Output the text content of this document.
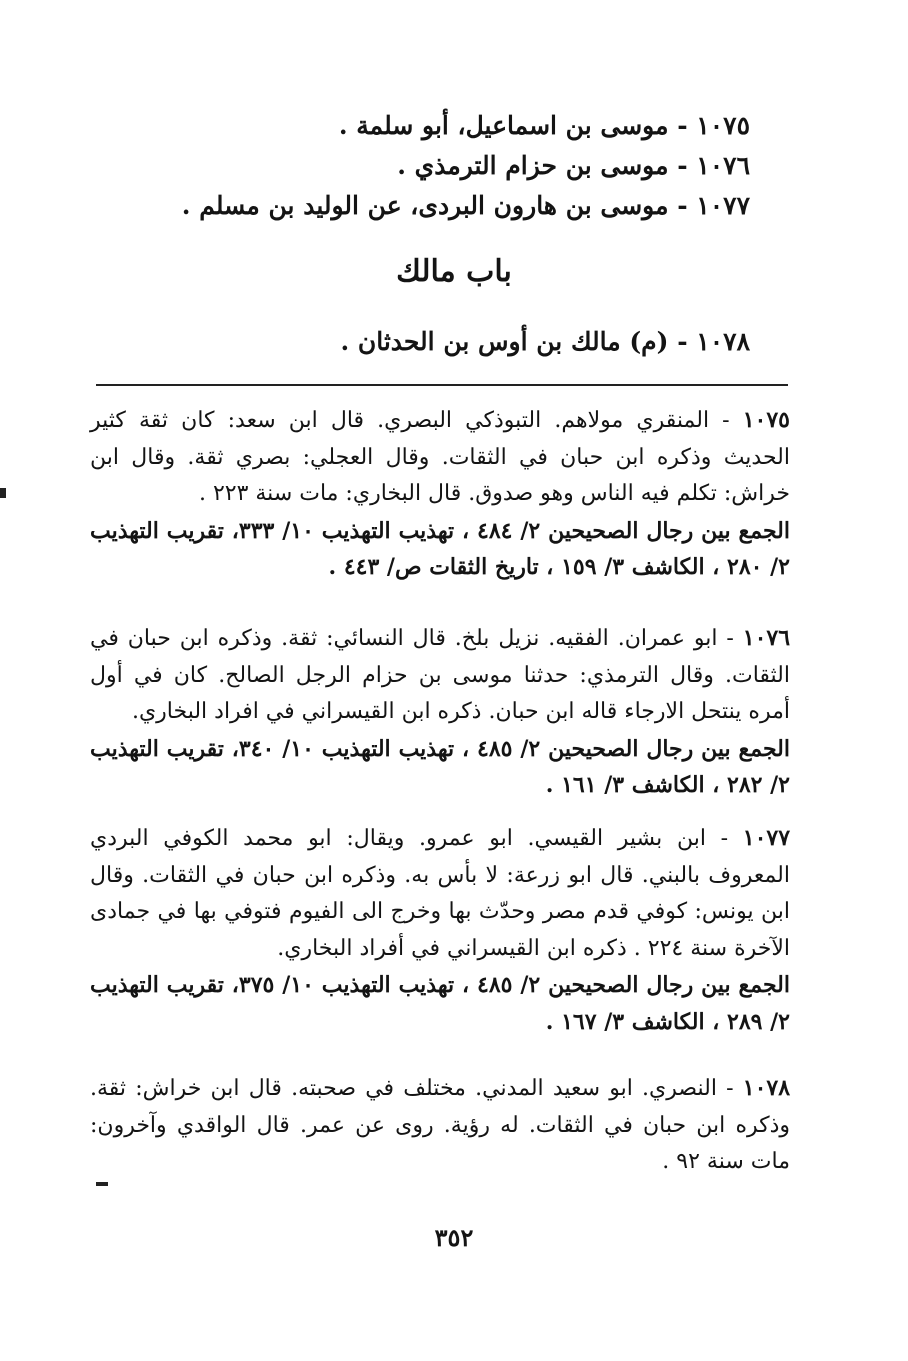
١٠٧٥ - موسى بن اسماعيل، أبو سلمة .
١٠٧٦ - موسى بن حزام الترمذي .
١٠٧٧ - موسى بن هارون البردى، عن الوليد بن مسلم .
باب مالك
١٠٧٨ - (م) مالك بن أوس بن الحدثان .
١٠٧٥ - المنقري مولاهم. التبوذكي البصري. قال ابن سعد: كان ثقة كثير الحديث وذكره ابن حبان في الثقات. وقال العجلي: بصري ثقة. وقال ابن خراش: تكلم فيه الناس وهو صدوق. قال البخاري: مات سنة ٢٢٣ .
الجمع بين رجال الصحيحين ٢/ ٤٨٤ ، تهذيب التهذيب ١٠/ ٣٣٣، تقريب التهذيب ٢/ ٢٨٠ ، الكاشف ٣/ ١٥٩ ، تاريخ الثقات ص/ ٤٤٣ .
١٠٧٦ - ابو عمران. الفقيه. نزيل بلخ. قال النسائي: ثقة. وذكره ابن حبان في الثقات. وقال الترمذي: حدثنا موسى بن حزام الرجل الصالح. كان في أول أمره ينتحل الارجاء قاله ابن حبان. ذكره ابن القيسراني في افراد البخاري.
الجمع بين رجال الصحيحين ٢/ ٤٨٥ ، تهذيب التهذيب ١٠/ ٣٤٠، تقريب التهذيب ٢/ ٢٨٢ ، الكاشف ٣/ ١٦١ .
١٠٧٧ - ابن بشير القيسي. ابو عمرو. ويقال: ابو محمد الكوفي البردي المعروف بالبني. قال ابو زرعة: لا بأس به. وذكره ابن حبان في الثقات. وقال ابن يونس: كوفي قدم مصر وحدّث بها وخرج الى الفيوم فتوفي بها في جمادى الآخرة سنة ٢٢٤ . ذكره ابن القيسراني في أفراد البخاري.
الجمع بين رجال الصحيحين ٢/ ٤٨٥ ، تهذيب التهذيب ١٠/ ٣٧٥، تقريب التهذيب ٢/ ٢٨٩ ، الكاشف ٣/ ١٦٧ .
١٠٧٨ - النصري. ابو سعيد المدني. مختلف في صحبته. قال ابن خراش: ثقة. وذكره ابن حبان في الثقات. له رؤية. روى عن عمر. قال الواقدي وآخرون: مات سنة ٩٢ .
٣٥٢
